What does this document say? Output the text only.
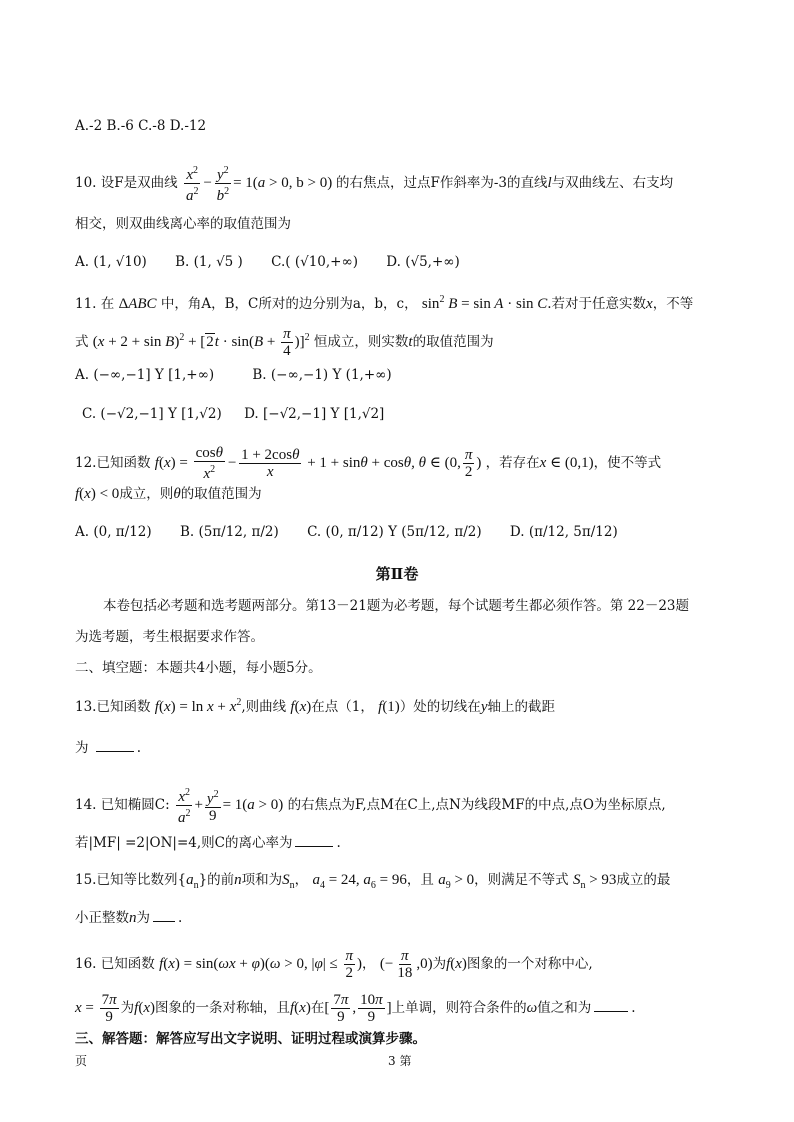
A.-2 B.-6 C.-8 D.-12
10. 设F是双曲线 $\frac{x^2}{a^2} - \frac{y^2}{b^2} = 1(a > 0$, b > 0) 的右焦点，过点F作斜率为-3的直线l与双曲线左、右支均
相交，则双曲线离心率的取值范围为
A. (1, √10) B. (1, √5 ) C.( (√10,+∞) D. (√5,+∞)
11. 在 ΔABC 中，角A，B，C所对的边分别为a，b，c， $\sin^2 B = \sin A \cdot \sin C$.若对于任意实数x，不等
式 $(x + 2 + \sin B)^2 + [2t \cdot \sin(B + \frac{\pi}{4} )]^2$ 恒成立，则实数t的取值范围为
A. (−∞,−1] Y [1,+∞)	B. (−∞,−1) Y (1,+∞)
C. (−√2,−1] Y [1,√2) D. [−√2,−1] Y [1,√2]
12.已知函数 $f(x) = \frac{\cos\theta}{x^2} - \frac{1 + 2\cos\theta}{x} + 1 + \sin\theta + \cos\theta$, θ ∈ (0, $\frac{\pi}{2}$ ) ，若存在x ∈ (0,1)，使不等式
f(x) < 0成立，则θ的取值范围为
A. (0, π/12) B. (5π/12, π/2) C. (0, π/12) Y (5π/12, π/2) D. (π/12, 5π/12)
第Ⅱ卷
本卷包括必考题和选考题两部分。第13－21题为必考题，每个试题考生都必须作答。第 22－23题
为选考题，考生根据要求作答。
二、填空题：本题共4小题，每小题5分。
13.已知函数 $f(x) = \ln x + x^2$,则曲线 f(x)在点（1， f(1)）处的切线在y轴上的截距
为	.
14. 已知椭圆C: $\frac{x^2}{a^2} + \frac{y^2}{9} = 1(a > 0)$ 的右焦点为F,点M在C上,点N为线段MF的中点,点O为坐标原点,
若|MF| =2|ON|=4,则C的离心率为	.
15.已知等比数列$\{a_n\}$的前n项和为$S_n$， $a_4 = 24$, $a_6 = 96$，且 $a_9 > 0$，则满足不等式 $S_n > 93$成立的最
小正整数n为 .
16. 已知函数 f(x) = sin(ωx + φ)(ω > 0, $|\varphi| \le \frac{\pi}{2}$ )， (− $\frac{\pi}{18} ,0$)为f(x)图象的一个对称中心,
$x = \frac{7\pi}{9}$ 为f(x)图象的一条对称轴，且f(x)在[ $\frac{7\pi}{9}$ , $\frac{10\pi}{9}$ ]上单调，则符合条件的ω值之和为	.
三、解答题：解答应写出文字说明、证明过程或演算步骤。
页	3 第
